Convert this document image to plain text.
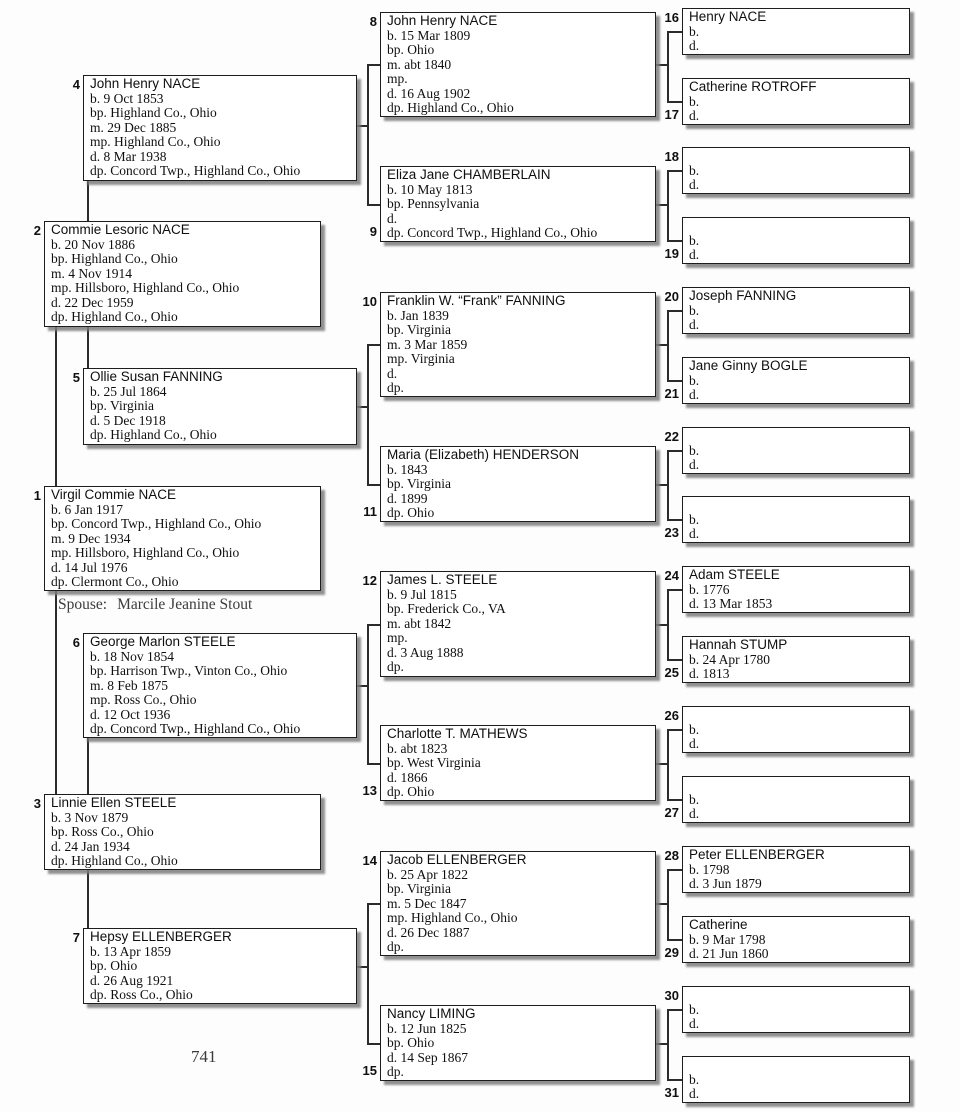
1 Virgil Commie NACE
b. 6 Jan 1917
bp. Concord Twp., Highland Co., Ohio
m. 9 Dec 1934
mp. Hillsboro, Highland Co., Ohio
d. 14 Jul 1976
dp. Clermont Co., Ohio
2 Commie Lesoric NACE
b. 20 Nov 1886
bp. Highland Co., Ohio
m. 4 Nov 1914
mp. Hillsboro, Highland Co., Ohio
d. 22 Dec 1959
dp. Highland Co., Ohio
3 Linnie Ellen STEELE
b. 3 Nov 1879
bp. Ross Co., Ohio
d. 24 Jan 1934
dp. Highland Co., Ohio
4 John Henry NACE
b. 9 Oct 1853
bp. Highland Co., Ohio
m. 29 Dec 1885
mp. Highland Co., Ohio
d. 8 Mar 1938
dp. Concord Twp., Highland Co., Ohio
5 Ollie Susan FANNING
b. 25 Jul 1864
bp. Virginia
d. 5 Dec 1918
dp. Highland Co., Ohio
6 George Marlon STEELE
b. 18 Nov 1854
bp. Harrison Twp., Vinton Co., Ohio
m. 8 Feb 1875
mp. Ross Co., Ohio
d. 12 Oct 1936
dp. Concord Twp., Highland Co., Ohio
7 Hepsy ELLENBERGER
b. 13 Apr 1859
bp. Ohio
d. 26 Aug 1921
dp. Ross Co., Ohio
8 John Henry NACE
b. 15 Mar 1809
bp. Ohio
m. abt 1840
mp.
d. 16 Aug 1902
dp. Highland Co., Ohio
9
Eliza Jane CHAMBERLAIN
b. 10 May 1813
bp. Pennsylvania
d.
dp. Concord Twp., Highland Co., Ohio
10 Franklin W. “Frank” FANNING
b. Jan 1839
bp. Virginia
m. 3 Mar 1859
mp. Virginia
d.
dp.
11
Maria (Elizabeth) HENDERSON
b. 1843
bp. Virginia
d. 1899
dp. Ohio
12 James L. STEELE
b. 9 Jul 1815
bp. Frederick Co., VA
m. abt 1842
mp.
d. 3 Aug 1888
dp.
13
Charlotte T. MATHEWS
b. abt 1823
bp. West Virginia
d. 1866
dp. Ohio
14 Jacob ELLENBERGER
b. 25 Apr 1822
bp. Virginia
m. 5 Dec 1847
mp. Highland Co., Ohio
d. 26 Dec 1887
dp.
15
Nancy LIMING
b. 12 Jun 1825
bp. Ohio
d. 14 Sep 1867
dp.
16 Henry NACE
b.
d.
17
Catherine ROTROFF
b.
d.
18
b.
d.
19
b.
d.
20 Joseph FANNING
b.
d.
21
Jane Ginny BOGLE
b.
d.
22
b.
d.
23
b.
d.
24 Adam STEELE
b. 1776
d. 13 Mar 1853
25
Hannah STUMP
b. 24 Apr 1780
d. 1813
26
b.
d.
27
b.
d.
28 Peter ELLENBERGER
b. 1798
d. 3 Jun 1879
29
Catherine
b. 9 Mar 1798
d. 21 Jun 1860
30
b.
d.
31
b.
d.
Spouse: Marcile Jeanine Stout
741
